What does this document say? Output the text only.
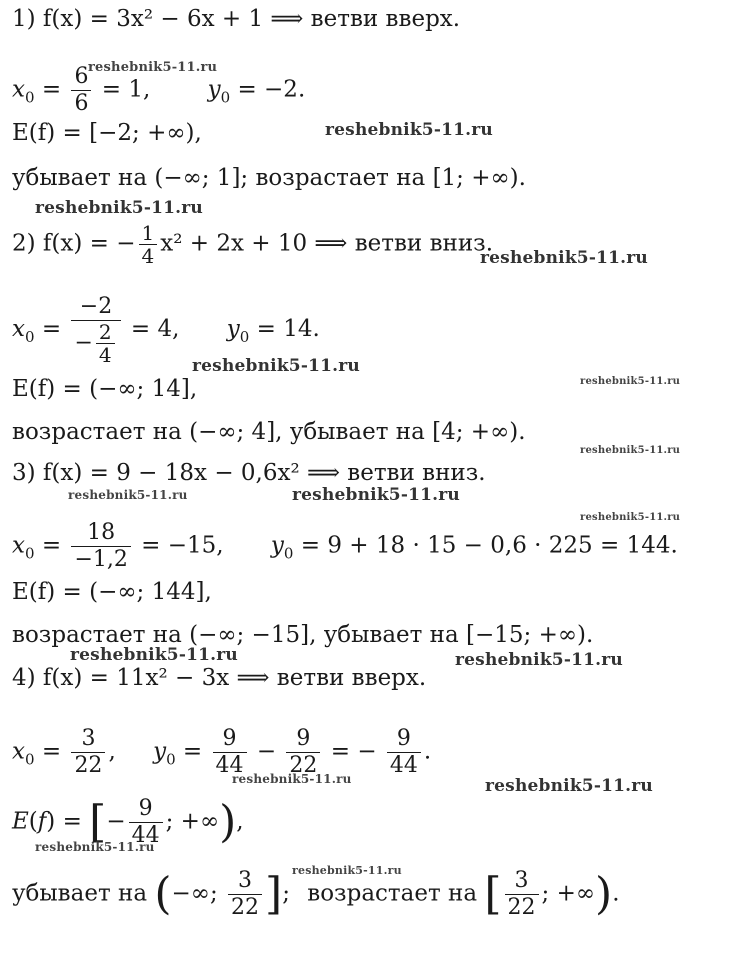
1) f(x) = 3x² − 6x + 1 ⟹ ветви вверх.
$x_0 = \frac{6}{6} = 1$, $y_0 = -2$.
E(f) = [−2; +∞),
убывает на (−∞; 1]; возрастает на [1; +∞).
2) f(x) = − $\frac{1}{4} x^2 + 2x + 10$ ⟹ ветви вниз.
$x_0 = \frac{-2}{- \frac{2}{4}} = 4$, $y_0 = 14$.
E(f) = (−∞; 14],
возрастает на (−∞; 4], убывает на [4; +∞).
3) f(x) = 9 − 18x − 0,6x² ⟹ ветви вниз.
$x_0 = \frac{18}{-1,2} = -15$, $y_0 = 9 + 18 \cdot 15 - 0,6 \cdot 225 = 144$.
E(f) = (−∞; 144],
возрастает на (−∞; −15], убывает на [−15; +∞).
4) f(x) = 11x² − 3x ⟹ ветви вверх.
$x_0 = \frac{3}{22}$ , $y_0 = \frac{9}{44} - \frac{9}{22}$ = − $\frac{9}{44}$ .
E(f) = [− $\frac{9}{44}$ ; +∞),
убывает на (−∞; $\frac{3}{22}$ ]; возрастает на [ $\frac{3}{22}$ ; +∞).
reshebnik5-11.ru
reshebnik5-11.ru
reshebnik5-11.ru
reshebnik5-11.ru
reshebnik5-11.ru
reshebnik5-11.ru
reshebnik5-11.ru
reshebnik5-11.ru	reshebnik5-11.ru
reshebnik5-11.ru
reshebnik5-11.ru	reshebnik5-11.ru
reshebnik5-11.ru	reshebnik5-11.ru
reshebnik5-11.ru
reshebnik5-11.ru
